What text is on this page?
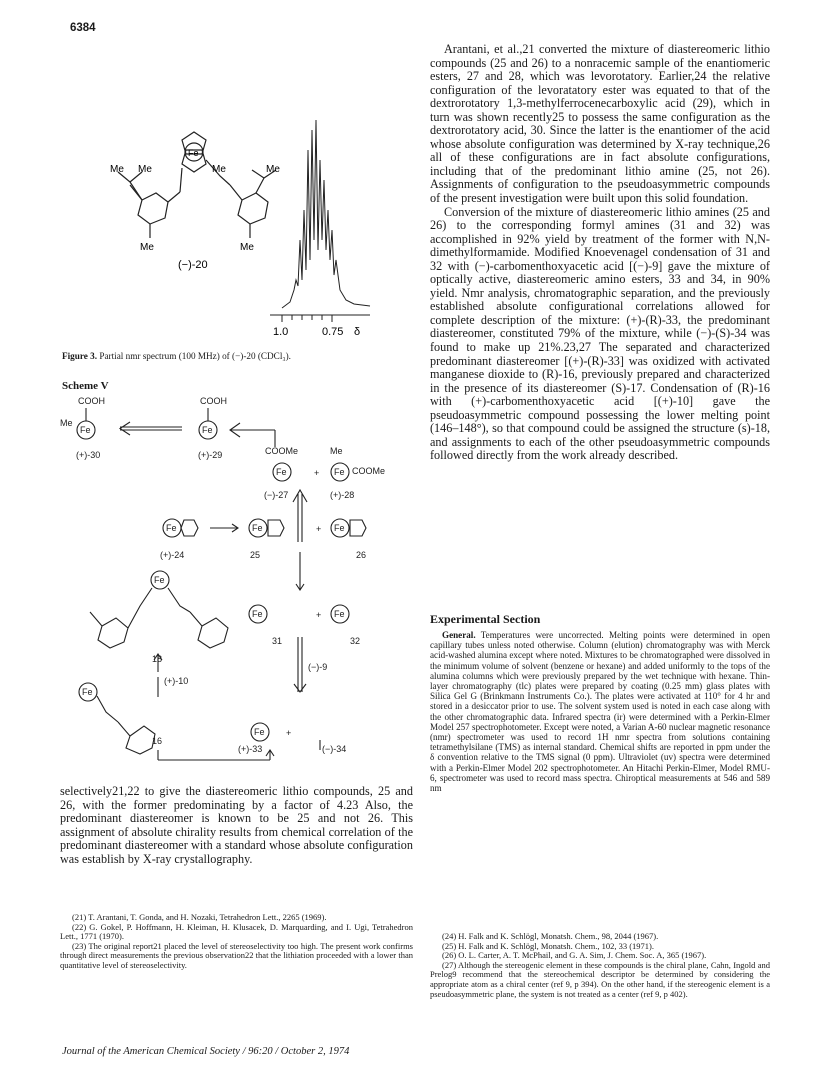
6384
Me Me	Me	Me
Fe
Me	Me
(−)-20
1.0	0.75 δ
Figure 3. Partial nmr spectrum (100 MHz) of (−)-20 (CDCl₃).
Scheme V
COOH	COOH
Me
Fe	Fe
(+)-30	(+)-29	COOMe	Me
Fe	Fe COOMe
+
(−)-27	(+)-28
Fe	Fe	Fe
+
(+)-24	25	26
Fe
Fe	Fe
+
18
31	32
(+)-10
(−)-9
Fe
Fe +
16
(+)-33	(−)-34

selectively21,22 to give the diastereomeric lithio compounds, 25 and 26, with the former predominating by a factor of 4.23 Also, the predominant diastereomer is known to be 25 and not 26. This assignment of absolute chirality results from chemical correlation of the predominant diastereomer with a standard whose absolute configuration was establish by X-ray crystallography.

(21) T. Arantani, T. Gonda, and H. Nozaki, Tetrahedron Lett., 2265 (1969).

(22) G. Gokel, P. Hoffmann, H. Kleiman, H. Klusacek, D. Marquarding, and I. Ugi, Tetrahedron Lett., 1771 (1970).

(23) The original report21 placed the level of stereoselectivity too high. The present work confirms through direct measurements the previous observation22 that the lithiation proceeded with a lower than quantitative level of stereoselectivity.

Arantani, et al.,21 converted the mixture of diastereomeric lithio compounds (25 and 26) to a nonracemic sample of the enantiomeric esters, 27 and 28, which was levorotatory. Earlier,24 the relative configuration of the levoratatory ester was equated to that of the dextrorotatory 1,3-methylferrocenecarboxylic acid (29), which in turn was shown recently25 to possess the same configuration as the dextrorotatory acid, 30. Since the latter is the enantiomer of the acid whose absolute configuration was determined by X-ray technique,26 all of these configurations are in fact absolute configurations, including that of the predominant lithio amine (25, not 26). Assignments of configuration to the pseudoasymmetric compounds of the present investigation were built upon this solid foundation.

Conversion of the mixture of diastereomeric lithio amines (25 and 26) to the corresponding formyl amines (31 and 32) was accomplished in 92% yield by treatment of the former with N,N-dimethylformamide. Modified Knoevenagel condensation of 31 and 32 with (−)-carbomenthoxyacetic acid [(−)-9] gave the mixture of optically active, diastereomeric amino esters, 33 and 34, in 90% yield. Nmr analysis, chromatographic separation, and the previously established absolute configurational correlations allowed for complete description of the mixture: (+)-(R)-33, the predominant diastereomer, constituted 79% of the mixture, while (−)-(S)-34 was found to make up 21%.23,27 The separated and characterized predominant diastereomer [(+)-(R)-33] was oxidized with activated manganese dioxide to (R)-16, previously prepared and characterized in the presence of its diastereomer (S)-17. Condensation of (R)-16 with (+)-carbomenthoxyacetic acid [(+)-10] gave the pseudoasymmetric compound possessing the lower melting point (146–148°), so that compound could be assigned the structure (s)-18, and assignments to each of the other pseudoasymmetric compounds followed directly from the work already described.

Experimental Section

General. Temperatures were uncorrected. Melting points were determined in open capillary tubes unless noted otherwise. Column (elution) chromatography was with Merck acid-washed alumina except where noted. Mixtures to be chromatographed were dissolved in the minimum volume of solvent (benzene or hexane) and added uniformly to the tops of the alumina columns which were previously prepared by the wet technique with hexane. Thin-layer chromatography (tlc) plates were prepared by coating (0.25 mm) glass plates with Silica Gel G (Brinkmann Instruments Co.). The plates were activated at 110° for 4 hr and stored in a desiccator prior to use. The solvent system used is noted in each case along with the other chromatographic data. Infrared spectra (ir) were determined with a Perkin-Elmer Model 257 spectrophotometer. Except were noted, a Varian A-60 nuclear magnetic resonance (nmr) spectrometer was used to record 1H nmr spectra from solutions containing tetramethylsilane (TMS) as internal standard. Chemical shifts are reported in ppm under the δ convention relative to the TMS signal (0 ppm). Ultraviolet (uv) spectra were determined with a Perkin-Elmer Model 202 spectrophotometer. An Hitachi Perkin-Elmer, Model RMU-6, spectrometer was used to record mass spectra. Chiroptical measurements at 546 and 589 nm

(24) H. Falk and K. Schlögl, Monatsh. Chem., 98, 2044 (1967).

(25) H. Falk and K. Schlögl, Monatsh. Chem., 102, 33 (1971).

(26) O. L. Carter, A. T. McPhail, and G. A. Sim, J. Chem. Soc. A, 365 (1967).

(27) Although the stereogenic element in these compounds is the chiral plane, Cahn, Ingold and Prelog9 recommend that the stereochemical descriptor be determined by considering the appropriate atom as a chiral center (ref 9, p 394). On the other hand, if the stereogenic element is a pseudoasymmetric plane, the system is not treated as a center (ref 9, p 402).

Journal of the American Chemical Society / 96:20 / October 2, 1974
